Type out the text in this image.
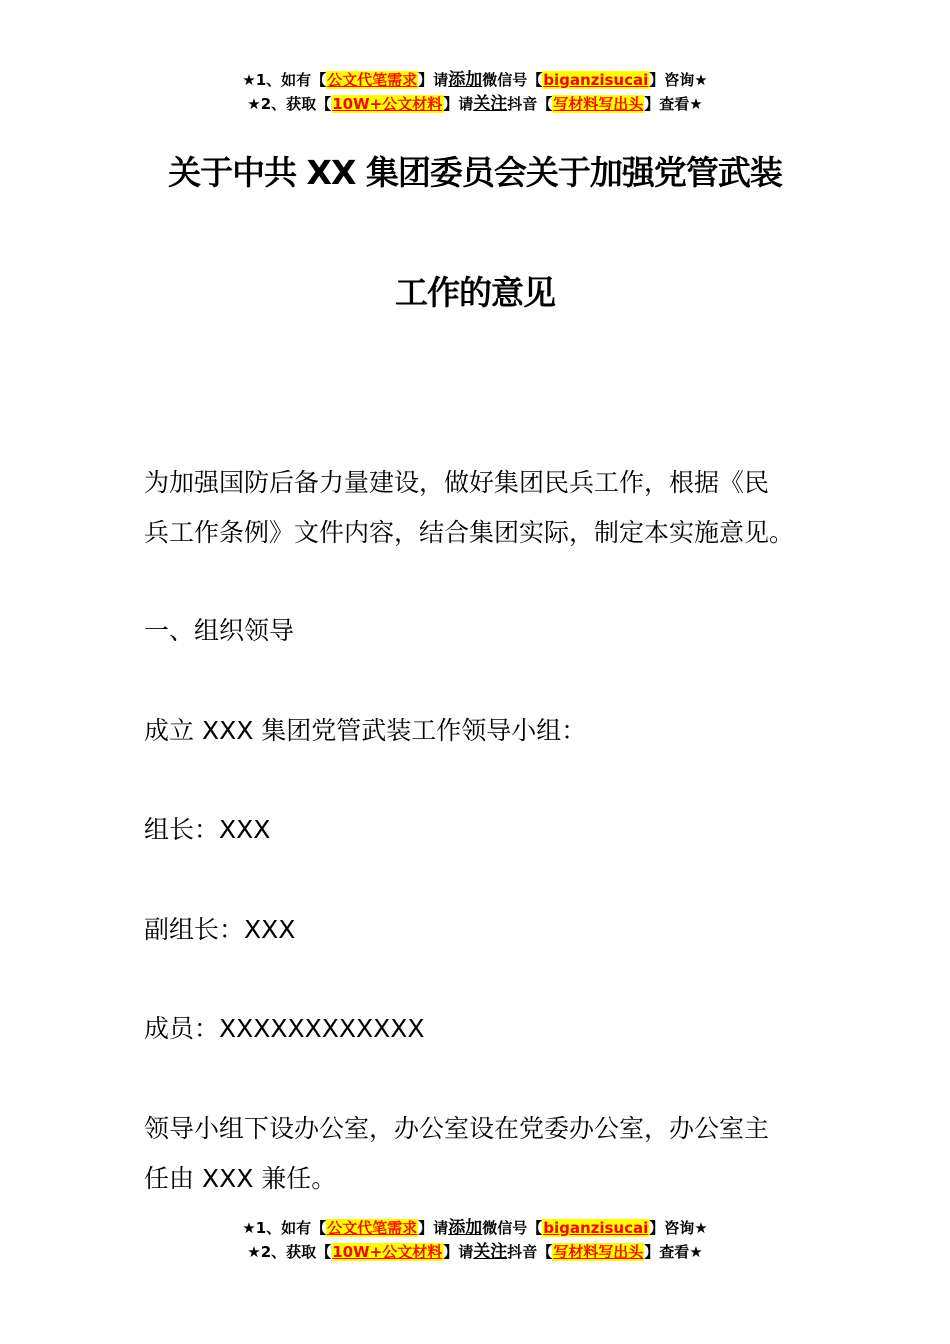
★1、如有【公文代笔需求】请添加微信号【biganzisucai】咨询★
★2、获取【10W+公文材料】请关注抖音【写材料写出头】查看★
关于中共 XX 集团委员会关于加强党管武装
工作的意见
为加强国防后备力量建设，做好集团民兵工作，根据《民
兵工作条例》文件内容，结合集团实际，制定本实施意见。
一、组织领导
成立 XXX 集团党管武装工作领导小组：
组长：XXX
副组长：XXX
成员：XXXXXXXXXXXX
领导小组下设办公室，办公室设在党委办公室，办公室主
任由 XXX 兼任。
★1、如有【公文代笔需求】请添加微信号【biganzisucai】咨询★
★2、获取【10W+公文材料】请关注抖音【写材料写出头】查看★
